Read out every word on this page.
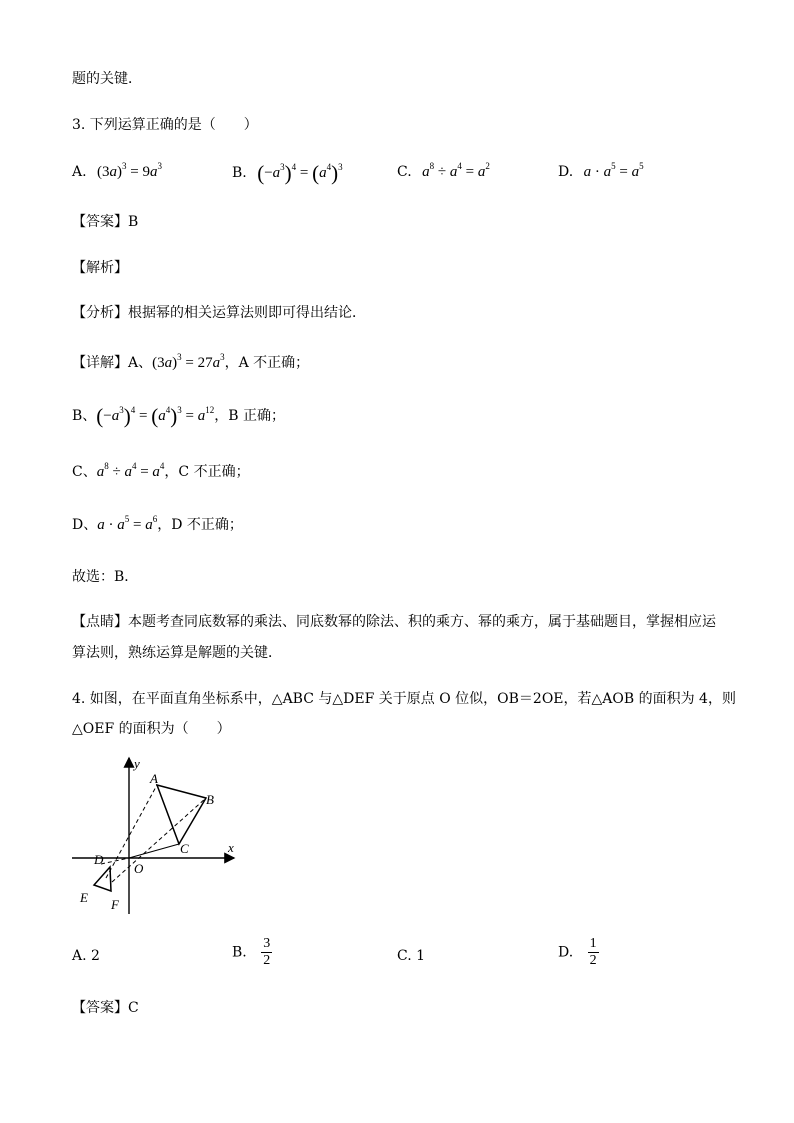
题的关键．
3. 下列运算正确的是（　　）
A. $(3a)^3 = 9a^3$	B. $(-a^3)^4 = (a^4)^3$	C. $a^8 \div a^4 = a^2$	D. $a \cdot a^5 = a^5$
【答案】B
【解析】
【分析】根据幂的相关运算法则即可得出结论．
【详解】A、$(3a)^3 = 27a^3$，A 不正确；
B、$(-a^3)^4 = (a^4)^3 = a^{12}$，B 正确；
C、$a^8 \div a^4 = a^4$，C 不正确；
D、$a \cdot a^5 = a^6$，D 不正确；
故选：B．
【点睛】本题考查同底数幂的乘法、同底数幂的除法、积的乘方、幂的乘方，属于基础题目，掌握相应运
算法则，熟练运算是解题的关键．
4. 如图，在平面直角坐标系中，△ABC 与△DEF 关于原点 O 位似，OB＝2OE，若△AOB 的面积为 4，则
△OEF 的面积为（　　）
y
x
A
B
C
D
E F
O
A. 2	B. $\frac{3}{2}$	C. 1	D. $\frac{1}{2}$
【答案】C
